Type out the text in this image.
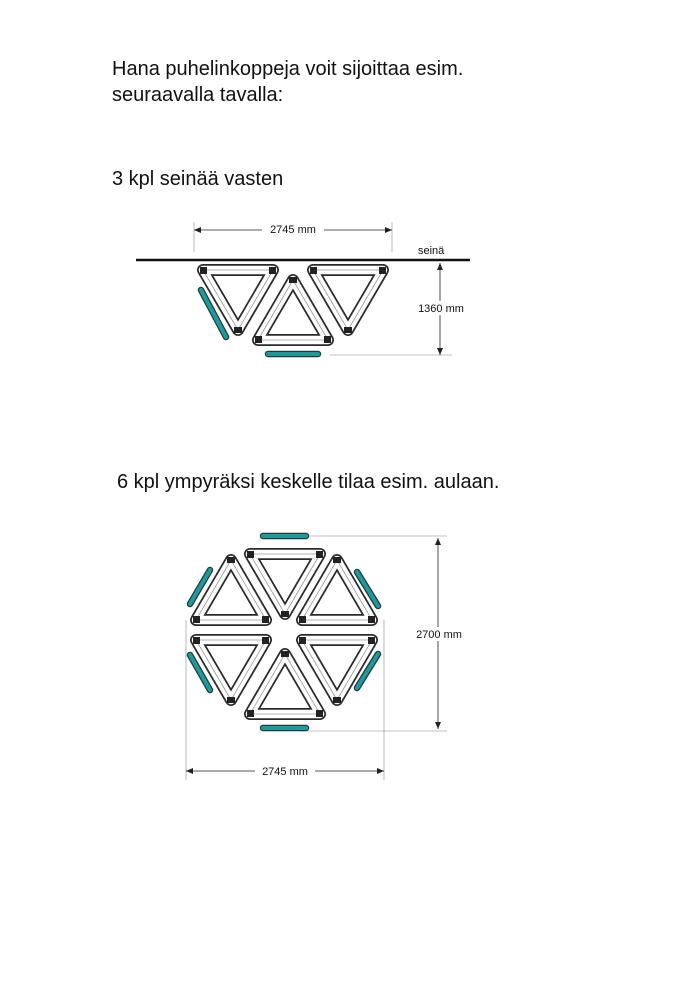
Hana puhelinkoppeja voit sijoittaa esim.
seuraavalla tavalla:
3 kpl seinää vasten
6 kpl ympyräksi keskelle tilaa esim. aulaan.
seinä
2745 mm
1360 mm
2700 mm
2745 mm
